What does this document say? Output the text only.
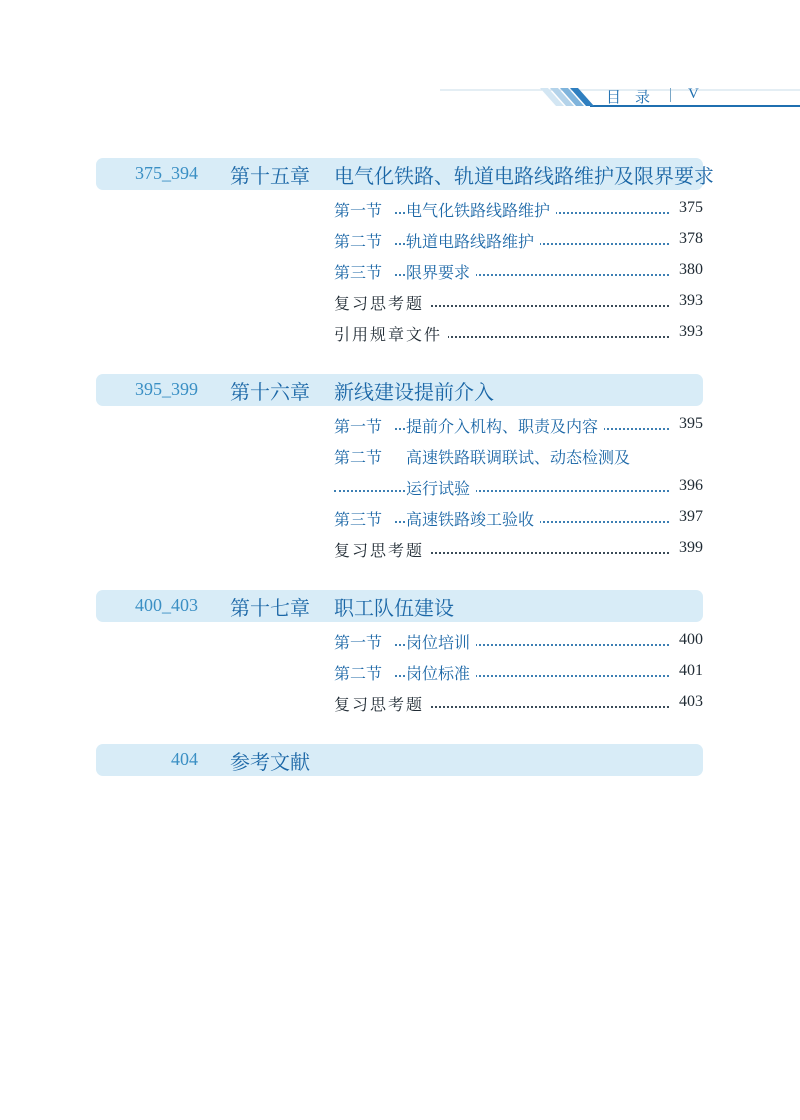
目录 V
375_394 第十五章 电气化铁路、轨道电路线路维护及限界要求
第一节	电气化铁路线路维护	375
第二节	轨道电路线路维护	378
第三节	限界要求	380
复习思考题	393
引用规章文件	393
395_399 第十六章 新线建设提前介入
第一节	提前介入机构、职责及内容	395
第二节	高速铁路联调联试、动态检测及
运行试验	396
第三节	高速铁路竣工验收	397
复习思考题	399
400_403 第十七章 职工队伍建设
第一节	岗位培训	400
第二节	岗位标准	401
复习思考题	403
404 参考文献
